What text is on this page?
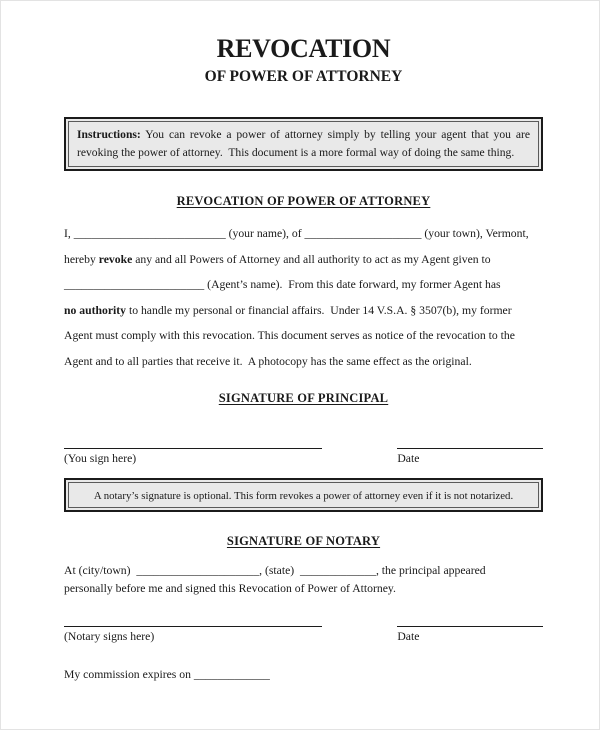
REVOCATION
OF POWER OF ATTORNEY

Instructions: You can revoke a power of attorney simply by telling your agent that you are revoking the power of attorney.  This document is a more formal way of doing the same thing.

REVOCATION OF POWER OF ATTORNEY
I, __________________________ (your name), of ____________________ (your town), Vermont,
hereby revoke any and all Powers of Attorney and all authority to act as my Agent given to
________________________ (Agent’s name).  From this date forward, my former Agent has
no authority to handle my personal or financial affairs.  Under 14 V.S.A. § 3507(b), my former
Agent must comply with this revocation. This document serves as notice of the revocation to the
Agent and to all parties that receive it.  A photocopy has the same effect as the original.
SIGNATURE OF PRINCIPAL
(You sign here)	Date
A notary’s signature is optional. This form revokes a power of attorney even if it is not notarized.
SIGNATURE OF NOTARY
At (city/town)  _____________________, (state)  _____________, the principal appeared
personally before me and signed this Revocation of Power of Attorney.
(Notary signs here)	Date
My commission expires on _____________
